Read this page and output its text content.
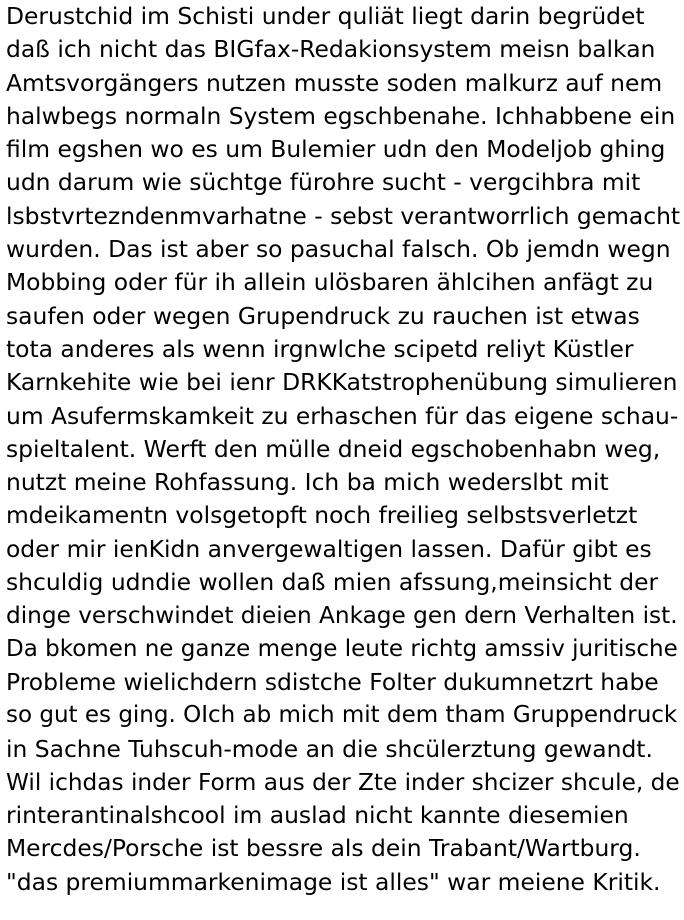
Derustchid im Schisti under quliät liegt darin begrüdet
daß ich nicht das BIGfax-Redakionsystem meisn balkan
Amtsvorgängers nutzen musste soden malkurz auf nem
halwbegs normaln System egschbenahe. Ichhabbene ein
film egshen wo es um Bulemier udn den Modeljob ghing
udn darum wie süchtge fürohre sucht - vergcihbra mit
lsbstvrteznden​mvarhatne - sebst verantworrlich gemacht
wurden. Das ist aber so pasuchal falsch. Ob jemdn wegn
Mobbing oder für ih allein ulösbaren ählcihen anfägt zu
saufen oder wegen Grupendruck zu rauchen ist etwas
tota anderes als wenn irgnwlche scipetd reliyt Küstler
Karnkehite wie bei ienr DRKKatstrophenübung simulieren
um Asufermskamkeit zu erhaschen für das eigene schau-
spieltalent. Werft den mülle dneid egschobenhabn weg,
nutzt meine Rohfassung. Ich ba mich wederslbt mit
mdeikamentn volsgetopft noch freilieg selbstsverletzt
oder mir ienKidn anvergewaltigen lassen. Dafür gibt es
shculdig udndie wollen daß mien afssung,meinsicht der
dinge verschwindet dieien Ankage gen dern Verhalten ist.
Da bkomen ne ganze menge leute richtg amssiv juritische
Probleme wielichdern sdistche Folter dukumnetzrt habe
so gut es ging. OIch ab mich mit dem tham Gruppendruck
in Sachne Tuhscuh-mode an die shcülerztung gewandt.
Wil ichdas inder Form aus der Zte inder shcizer shcule, de
rinterantinalshcool im auslad nicht kannte diesemien
Mercdes/Porsche ist bessre als dein Trabant/Wartburg.
"das premiummarkenimage ist alles" war meiene Kritik.
